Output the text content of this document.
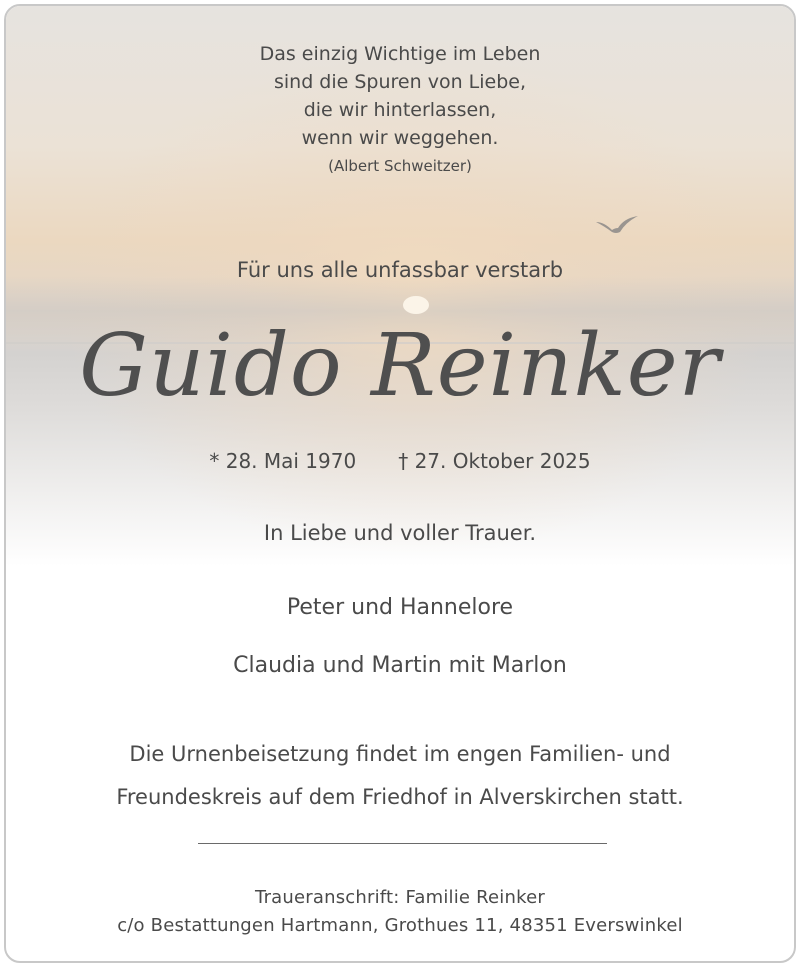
Das einzig Wichtige im Leben
sind die Spuren von Liebe,
die wir hinterlassen,
wenn wir weggehen.
(Albert Schweitzer)
Für uns alle unfassbar verstarb
Guido Reinker
* 28. Mai 1970 † 27. Oktober 2025
In Liebe und voller Trauer.
Peter und Hannelore
Claudia und Martin mit Marlon
Die Urnenbeisetzung findet im engen Familien- und
Freundeskreis auf dem Friedhof in Alverskirchen statt.
Traueranschrift: Familie Reinker
c/o Bestattungen Hartmann, Grothues 11, 48351 Everswinkel
